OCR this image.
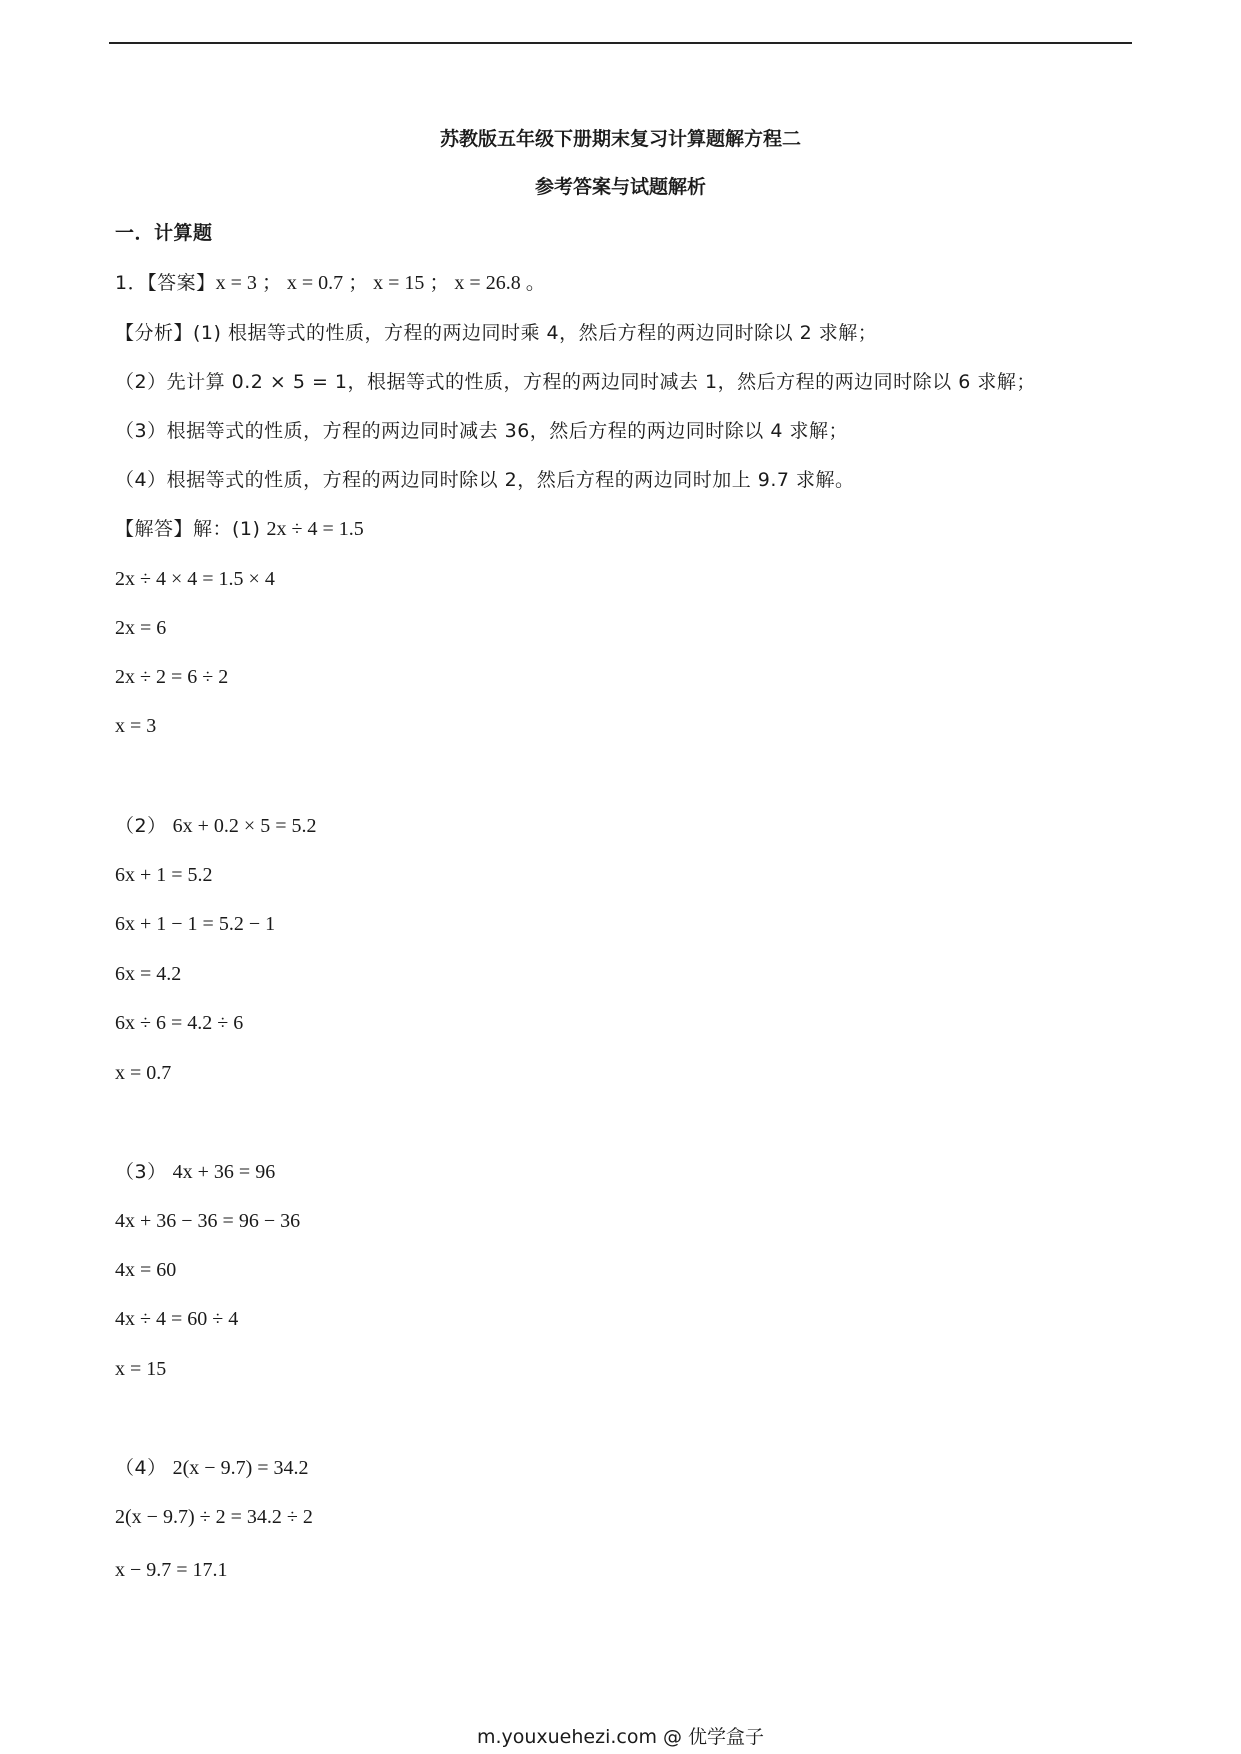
苏教版五年级下册期末复习计算题解方程二
参考答案与试题解析
一．计算题
1．【答案】x = 3 ； x = 0.7 ； x = 15 ； x = 26.8 。
【分析】(1) 根据等式的性质，方程的两边同时乘 4，然后方程的两边同时除以 2 求解；
（2）先计算 0.2 × 5 = 1，根据等式的性质，方程的两边同时减去 1，然后方程的两边同时除以 6 求解；
（3）根据等式的性质，方程的两边同时减去 36，然后方程的两边同时除以 4 求解；
（4）根据等式的性质，方程的两边同时除以 2，然后方程的两边同时加上 9.7 求解。
【解答】解：(1) 2x ÷ 4 = 1.5
2x ÷ 4 × 4 = 1.5 × 4
2x = 6
2x ÷ 2 = 6 ÷ 2
x = 3
（2） 6x + 0.2 × 5 = 5.2
6x + 1 = 5.2
6x + 1 − 1 = 5.2 − 1
6x = 4.2
6x ÷ 6 = 4.2 ÷ 6
x = 0.7
（3） 4x + 36 = 96
4x + 36 − 36 = 96 − 36
4x = 60
4x ÷ 4 = 60 ÷ 4
x = 15
（4） 2(x − 9.7) = 34.2
2(x − 9.7) ÷ 2 = 34.2 ÷ 2
x − 9.7 = 17.1
m.youxuehezi.com @ 优学盒子
